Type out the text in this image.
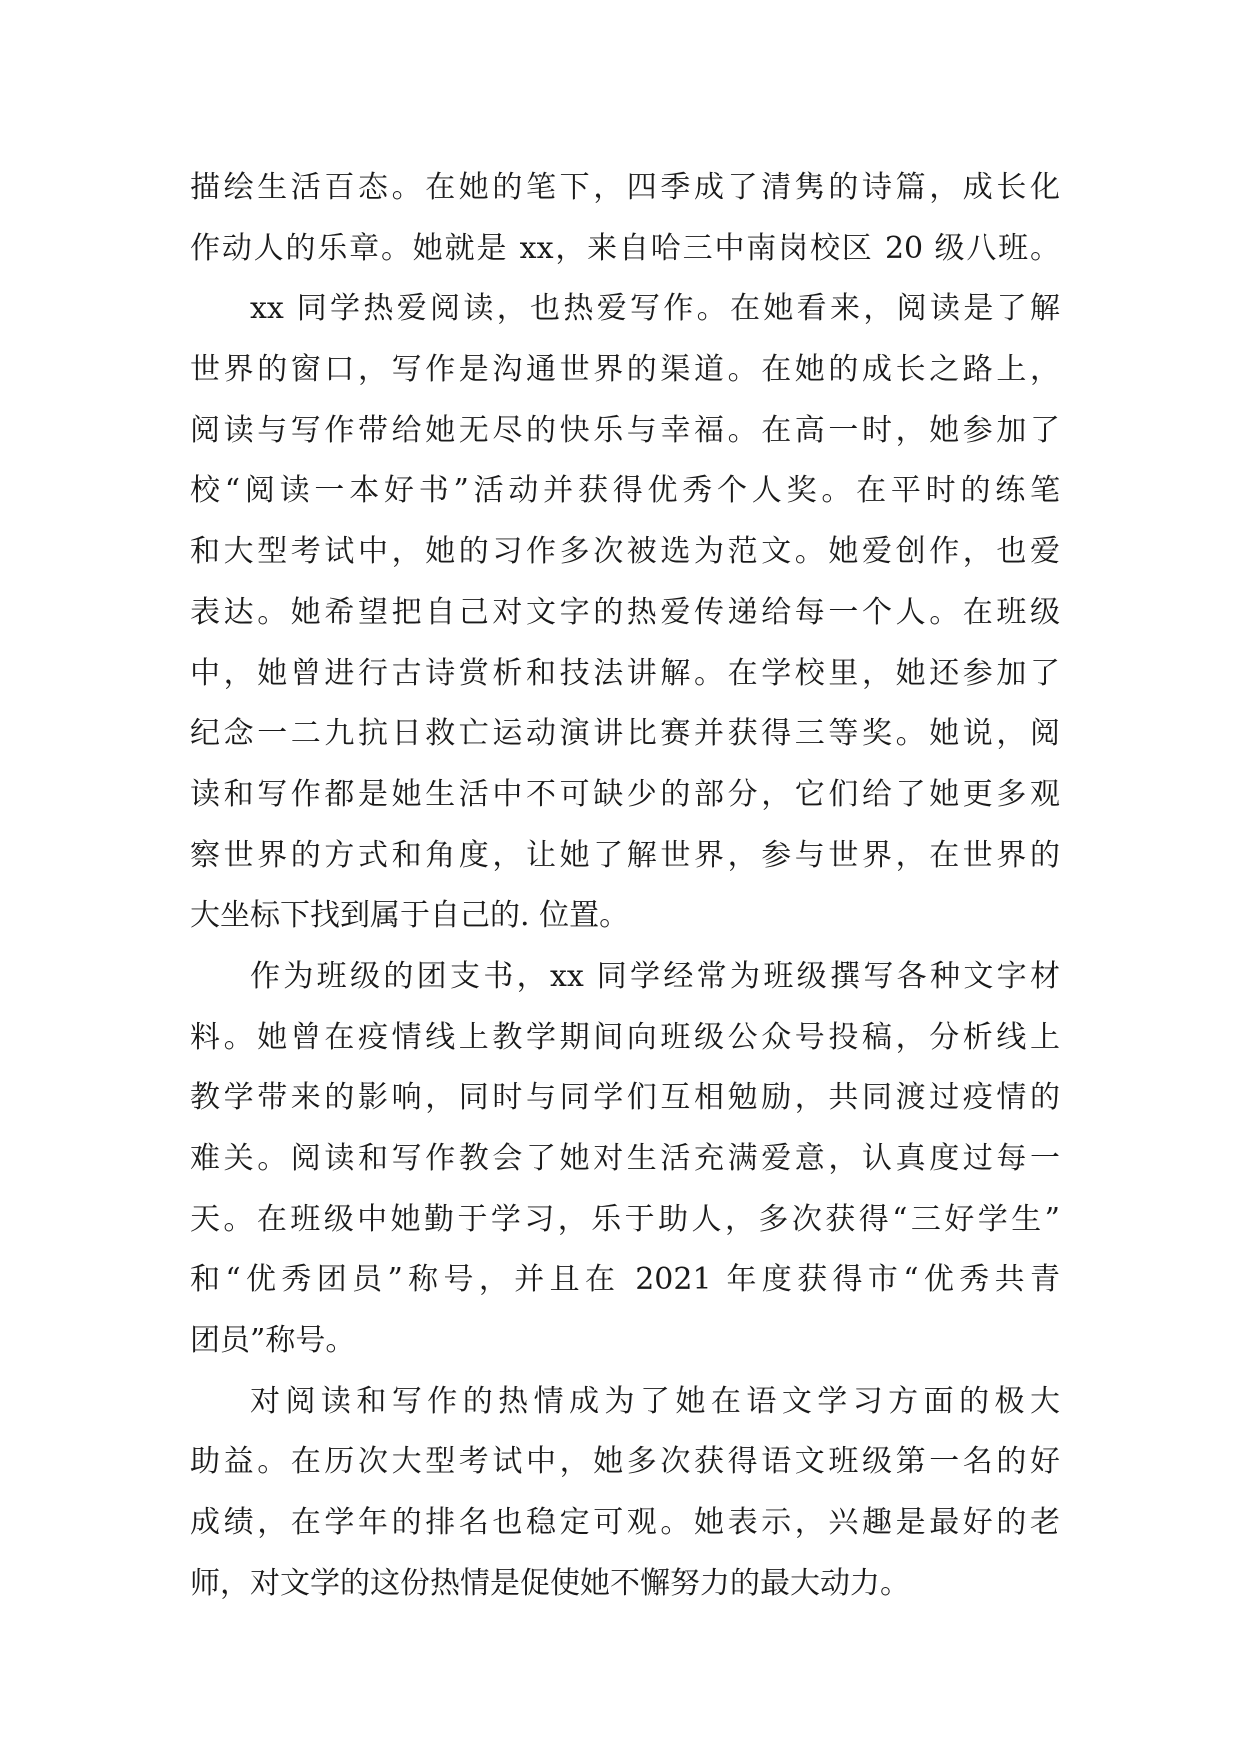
描绘生活百态。在她的笔下，四季成了清隽的诗篇，成长化
作动人的乐章。她就是 xx，来自哈三中南岗校区 20 级八班。
xx 同学热爱阅读，也热爱写作。在她看来，阅读是了解
世界的窗口，写作是沟通世界的渠道。在她的成长之路上，
阅读与写作带给她无尽的快乐与幸福。在高一时，她参加了
校“阅读一本好书”活动并获得优秀个人奖。在平时的练笔
和大型考试中，她的习作多次被选为范文。她爱创作，也爱
表达。她希望把自己对文字的热爱传递给每一个人。在班级
中，她曾进行古诗赏析和技法讲解。在学校里，她还参加了
纪念一二九抗日救亡运动演讲比赛并获得三等奖。她说，阅
读和写作都是她生活中不可缺少的部分，它们给了她更多观
察世界的方式和角度，让她了解世界，参与世界，在世界的
大坐标下找到属于自己的. 位置。
作为班级的团支书，xx 同学经常为班级撰写各种文字材
料。她曾在疫情线上教学期间向班级公众号投稿，分析线上
教学带来的影响，同时与同学们互相勉励，共同渡过疫情的
难关。阅读和写作教会了她对生活充满爱意，认真度过每一
天。在班级中她勤于学习，乐于助人，多次获得“三好学生”
和“优秀团员”称号，并且在 2021 年度获得市“优秀共青
团员”称号。
对阅读和写作的热情成为了她在语文学习方面的极大
助益。在历次大型考试中，她多次获得语文班级第一名的好
成绩，在学年的排名也稳定可观。她表示，兴趣是最好的老
师，对文学的这份热情是促使她不懈努力的最大动力。
